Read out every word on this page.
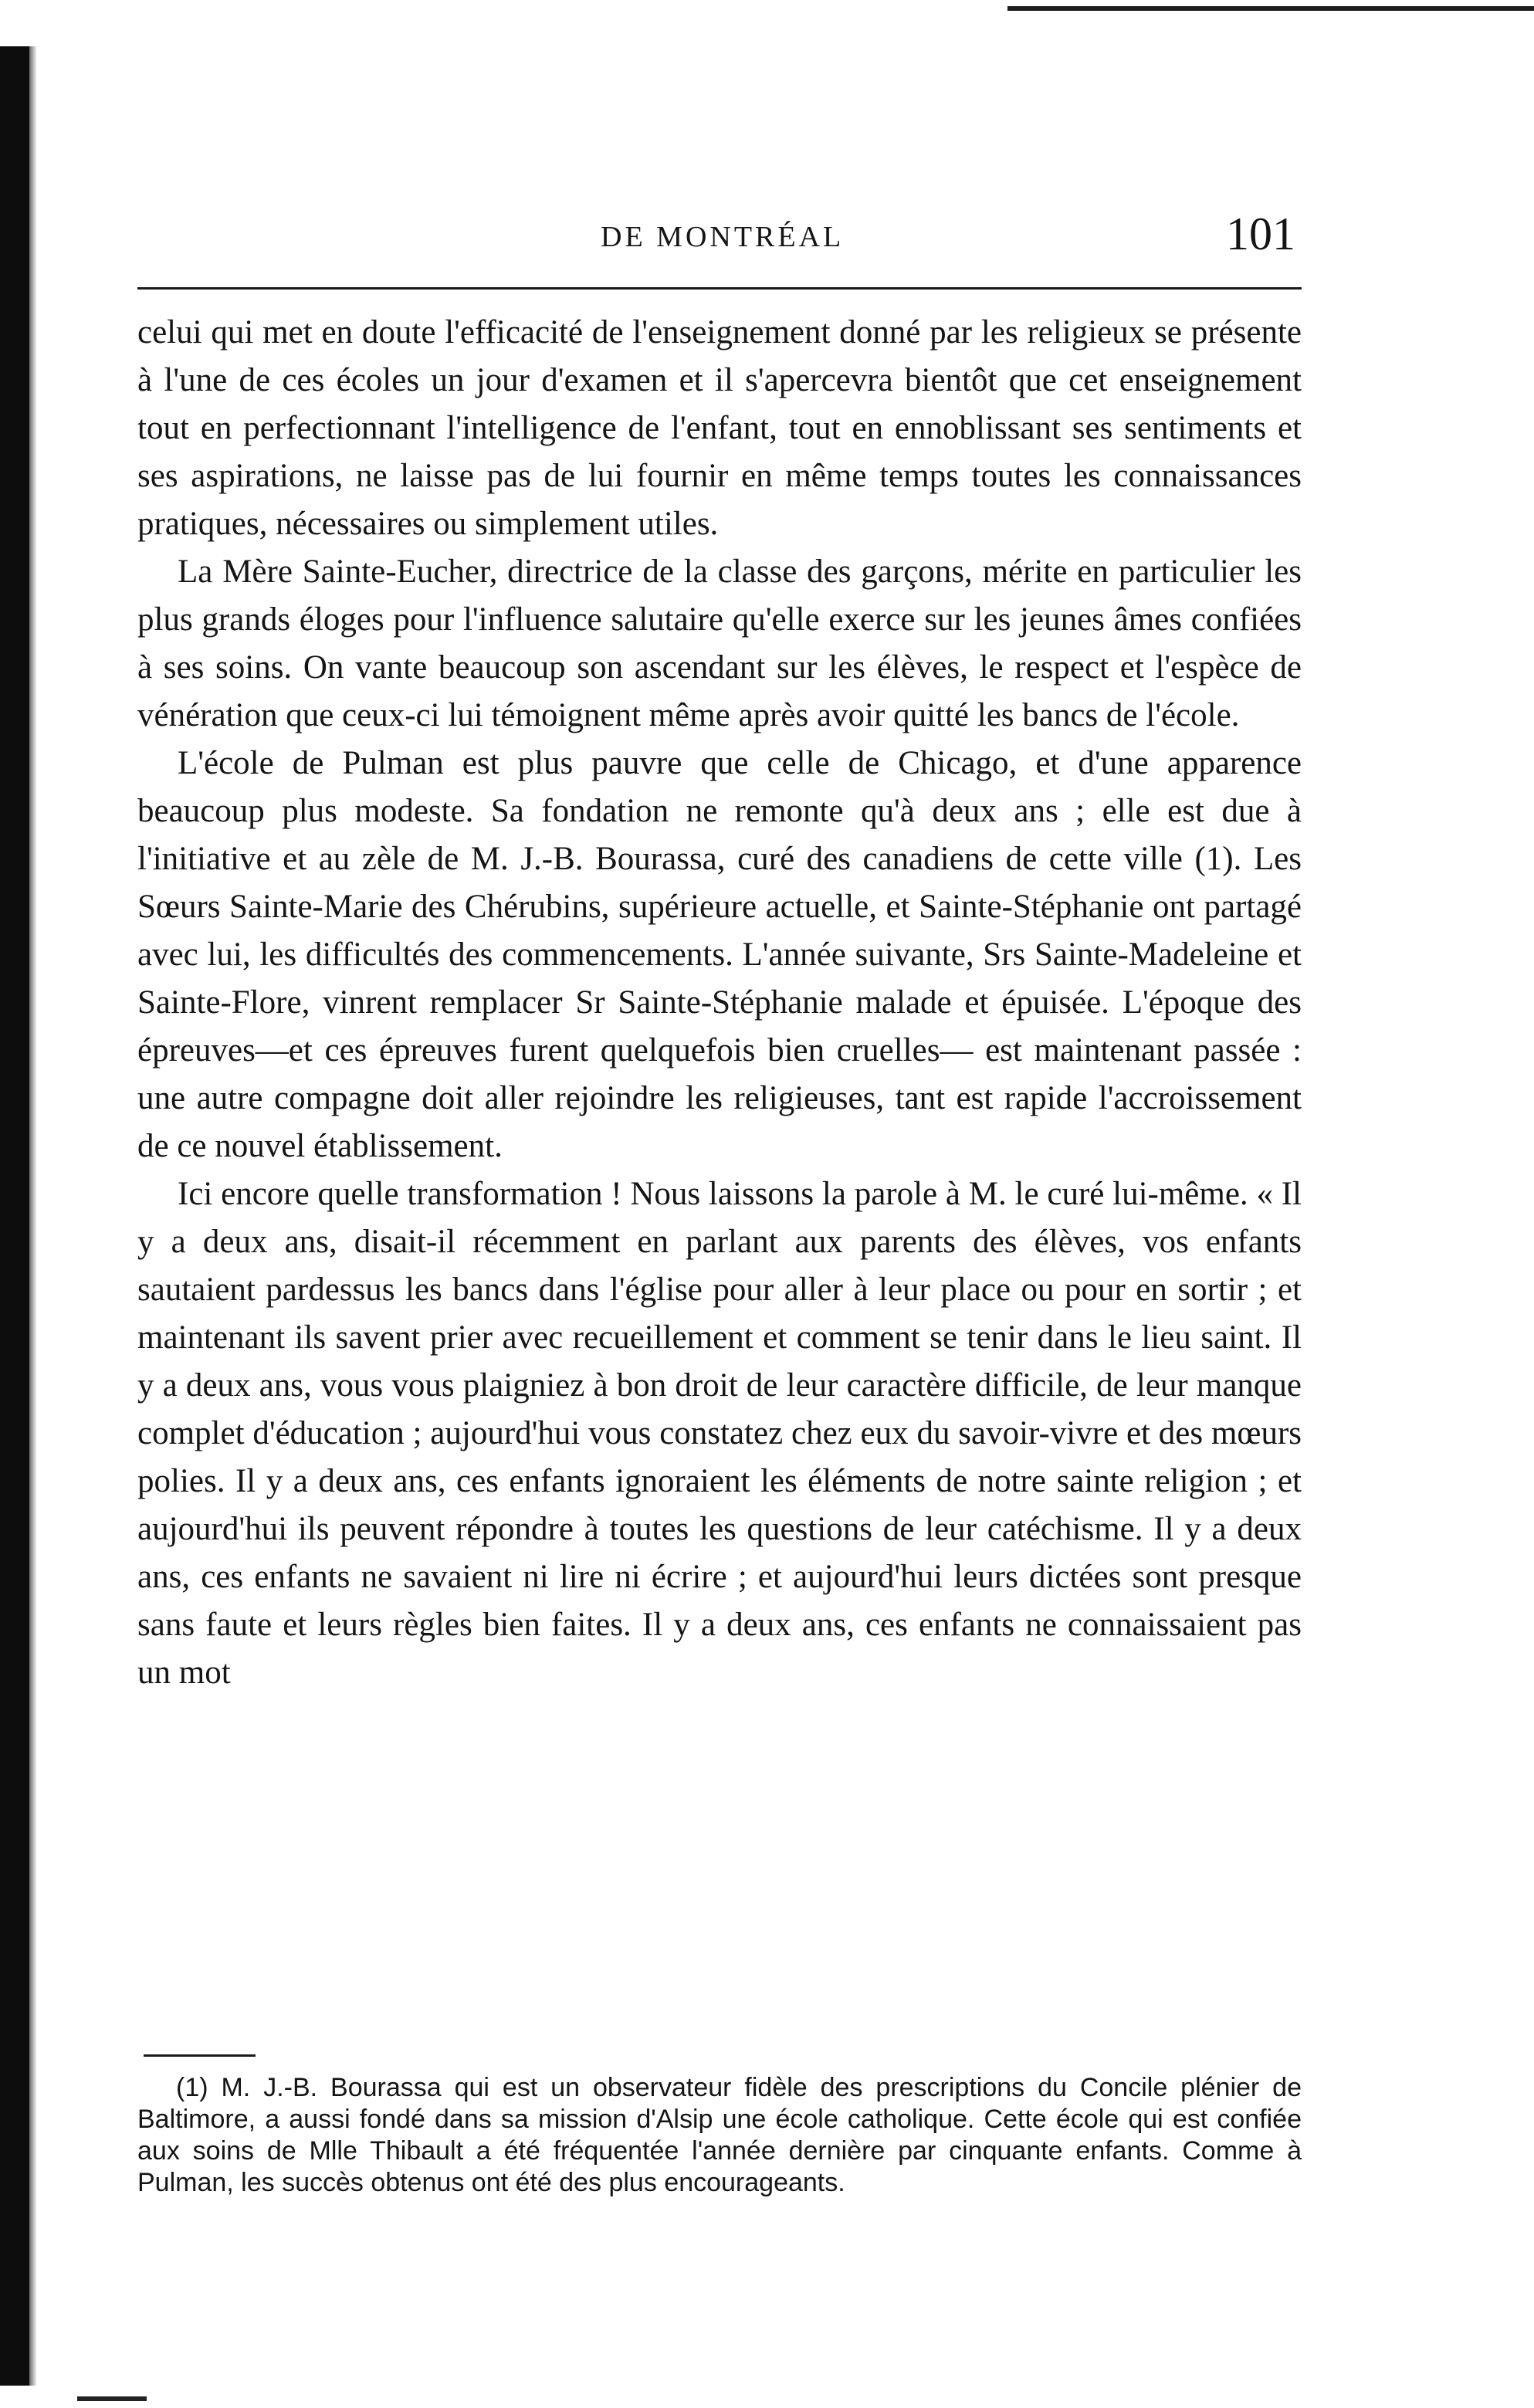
DE MONTRÉAL	101

celui qui met en doute l'efficacité de l'enseignement donné par les religieux se présente à l'une de ces écoles un jour d'examen et il s'apercevra bientôt que cet enseignement tout en perfectionnant l'intelligence de l'enfant, tout en ennoblissant ses sentiments et ses aspirations, ne laisse pas de lui fournir en même temps toutes les connaissances pratiques, nécessaires ou simplement utiles.

La Mère Sainte-Eucher, directrice de la classe des garçons, mérite en particulier les plus grands éloges pour l'influence salutaire qu'elle exerce sur les jeunes âmes confiées à ses soins. On vante beaucoup son ascendant sur les élèves, le respect et l'espèce de vénération que ceux-ci lui témoignent même après avoir quitté les bancs de l'école.

L'école de Pulman est plus pauvre que celle de Chicago, et d'une apparence beaucoup plus modeste. Sa fondation ne remonte qu'à deux ans ; elle est due à l'initiative et au zèle de M. J.-B. Bourassa, curé des canadiens de cette ville (1). Les Sœurs Sainte-Marie des Chérubins, supérieure actuelle, et Sainte-Stéphanie ont partagé avec lui, les difficultés des commencements. L'année suivante, Srs Sainte-Madeleine et Sainte-Flore, vinrent remplacer Sr Sainte-Stéphanie malade et épuisée. L'époque des épreuves—et ces épreuves furent quelquefois bien cruelles— est maintenant passée : une autre compagne doit aller rejoindre les religieuses, tant est rapide l'accroissement de ce nouvel établissement.

Ici encore quelle transformation ! Nous laissons la parole à M. le curé lui-même. « Il y a deux ans, disait-il récemment en parlant aux parents des élèves, vos enfants sautaient pardessus les bancs dans l'église pour aller à leur place ou pour en sortir ; et maintenant ils savent prier avec recueillement et comment se tenir dans le lieu saint. Il y a deux ans, vous vous plaigniez à bon droit de leur caractère difficile, de leur manque complet d'éducation ; aujourd'hui vous constatez chez eux du savoir-vivre et des mœurs polies. Il y a deux ans, ces enfants ignoraient les éléments de notre sainte religion ; et aujourd'hui ils peuvent répondre à toutes les questions de leur catéchisme. Il y a deux ans, ces enfants ne savaient ni lire ni écrire ; et aujourd'hui leurs dictées sont presque sans faute et leurs règles bien faites. Il y a deux ans, ces enfants ne connaissaient pas un mot

(1) M. J.-B. Bourassa qui est un observateur fidèle des prescriptions du Concile plénier de Baltimore, a aussi fondé dans sa mission d'Alsip une école catholique. Cette école qui est confiée aux soins de Mlle Thibault a été fréquentée l'année dernière par cinquante enfants. Comme à Pulman, les succès obtenus ont été des plus encourageants.
